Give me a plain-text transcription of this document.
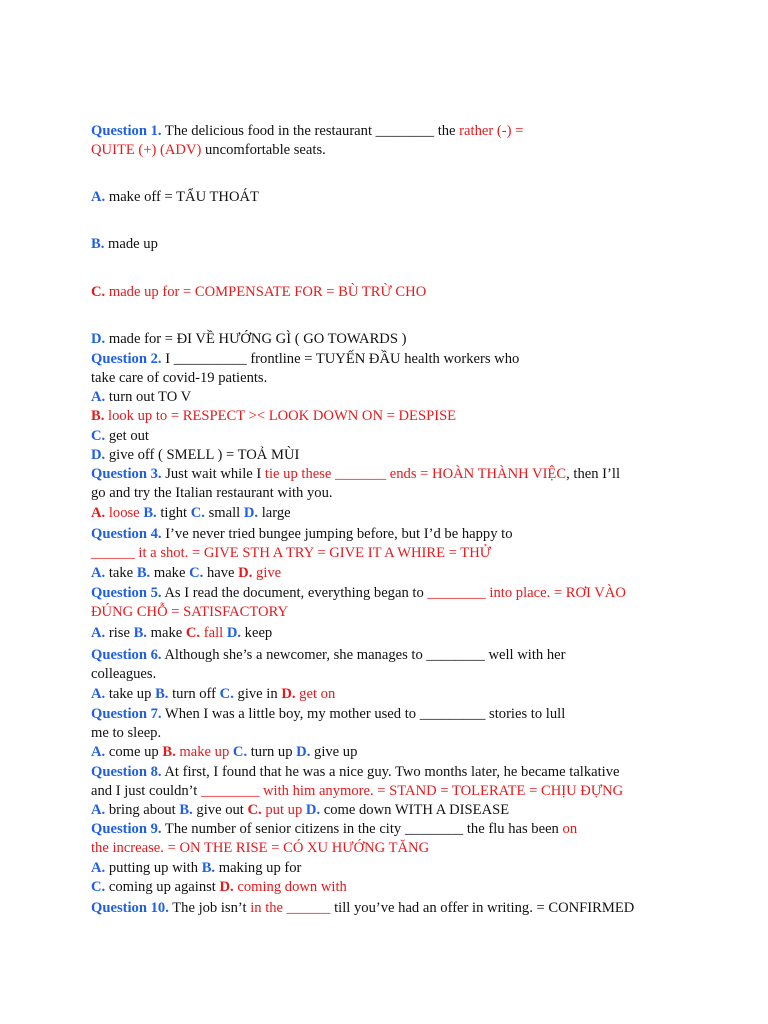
Question 1. The delicious food in the restaurant ________ the rather (-) =
QUITE (+) (ADV) uncomfortable seats.
A. make off = TẨU THOÁT
B. made up
C. made up for = COMPENSATE FOR = BÙ TRỪ CHO
D. made for = ĐI VỀ HƯỚNG GÌ ( GO TOWARDS )
Question 2. I __________ frontline = TUYẾN ĐẦU health workers who
take care of covid-19 patients.
A. turn out TO V
B. look up to = RESPECT >< LOOK DOWN ON = DESPISE
C. get out
D. give off ( SMELL ) = TOẢ MÙI
Question 3. Just wait while I tie up these _______ ends = HOÀN THÀNH VIỆC, then I’ll
go and try the Italian restaurant with you.
A. loose B. tight C. small D. large
Question 4. I’ve never tried bungee jumping before, but I’d be happy to
______ it a shot. = GIVE STH A TRY = GIVE IT A WHIRE = THỬ
A. take B. make C. have D. give
Question 5. As I read the document, everything began to ________ into place. = RƠI VÀO
ĐÚNG CHỖ = SATISFACTORY
A. rise B. make C. fall D. keep
Question 6. Although she’s a newcomer, she manages to ________ well with her
colleagues.
A. take up B. turn off C. give in D. get on
Question 7. When I was a little boy, my mother used to _________ stories to lull
me to sleep.
A. come up B. make up C. turn up D. give up
Question 8. At first, I found that he was a nice guy. Two months later, he became talkative
and I just couldn’t ________ with him anymore. = STAND = TOLERATE = CHỊU ĐỰNG
A. bring about B. give out C. put up D. come down WITH A DISEASE
Question 9. The number of senior citizens in the city ________ the flu has been on
the increase. = ON THE RISE = CÓ XU HƯỚNG TĂNG
A. putting up with B. making up for
C. coming up against D. coming down with
Question 10. The job isn’t in the ______ till you’ve had an offer in writing. = CONFIRMED
